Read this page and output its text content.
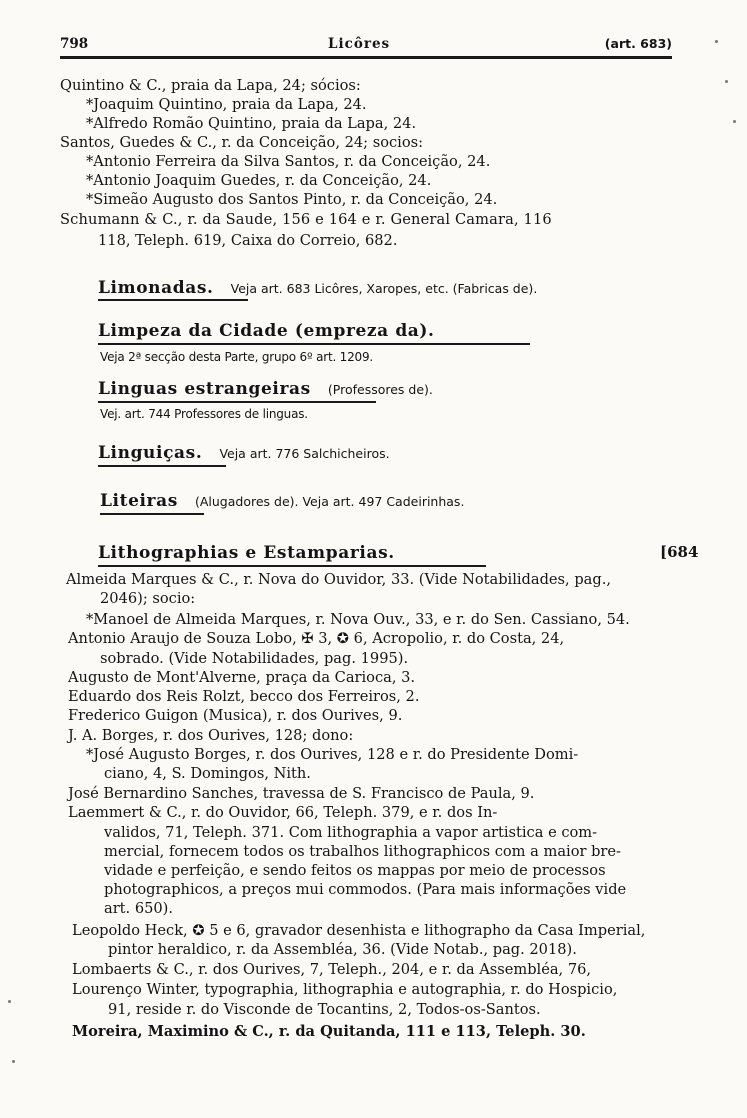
798	Licôres	(art. 683)
Quintino & C., praia da Lapa, 24; sócios:
*Joaquim Quintino, praia da Lapa, 24.
*Alfredo Romão Quintino, praia da Lapa, 24.
Santos, Guedes & C., r. da Conceição, 24; socios:
*Antonio Ferreira da Silva Santos, r. da Conceição, 24.
*Antonio Joaquim Guedes, r. da Conceição, 24.
*Simeão Augusto dos Santos Pinto, r. da Conceição, 24.
Schumann & C., r. da Saude, 156 e 164 e r. General Camara, 116
118, Teleph. 619, Caixa do Correio, 682.
Limonadas. Veja art. 683 Licôres, Xaropes, etc. (Fabricas de).
Limpeza da Cidade (empreza da).
Veja 2ª secção desta Parte, grupo 6º art. 1209.
Linguas estrangeiras (Professores de).
Vej. art. 744 Professores de linguas.
Linguiças. Veja art. 776 Salchicheiros.
Liteiras (Alugadores de). Veja art. 497 Cadeirinhas.
Lithographias e Estamparias.	[684
Almeida Marques & C., r. Nova do Ouvidor, 33. (Vide Notabilidades, pag.,
2046); socio:
*Manoel de Almeida Marques, r. Nova Ouv., 33, e r. do Sen. Cassiano, 54.
Antonio Araujo de Souza Lobo, ✠ 3, ✪ 6, Acropolio, r. do Costa, 24,
sobrado. (Vide Notabilidades, pag. 1995).
Augusto de Mont'Alverne, praça da Carioca, 3.
Eduardo dos Reis Rolzt, becco dos Ferreiros, 2.
Frederico Guigon (Musica), r. dos Ourives, 9.
J. A. Borges, r. dos Ourives, 128; dono:
*José Augusto Borges, r. dos Ourives, 128 e r. do Presidente Domi-
ciano, 4, S. Domingos, Nith.
José Bernardino Sanches, travessa de S. Francisco de Paula, 9.
Laemmert & C., r. do Ouvidor, 66, Teleph. 379, e r. dos In-
validos, 71, Teleph. 371. Com lithographia a vapor artistica e com-
mercial, fornecem todos os trabalhos lithographicos com a maior bre-
vidade e perfeição, e sendo feitos os mappas por meio de processos
photographicos, a preços mui commodos. (Para mais informações vide
art. 650).
Leopoldo Heck, ✪ 5 e 6, gravador desenhista e lithographo da Casa Imperial,
pintor heraldico, r. da Assembléa, 36. (Vide Notab., pag. 2018).
Lombaerts & C., r. dos Ourives, 7, Teleph., 204, e r. da Assembléa, 76,
Lourenço Winter, typographia, lithographia e autographia, r. do Hospicio,
91, reside r. do Visconde de Tocantins, 2, Todos-os-Santos.
Moreira, Maximino & C., r. da Quitanda, 111 e 113, Teleph. 30.
